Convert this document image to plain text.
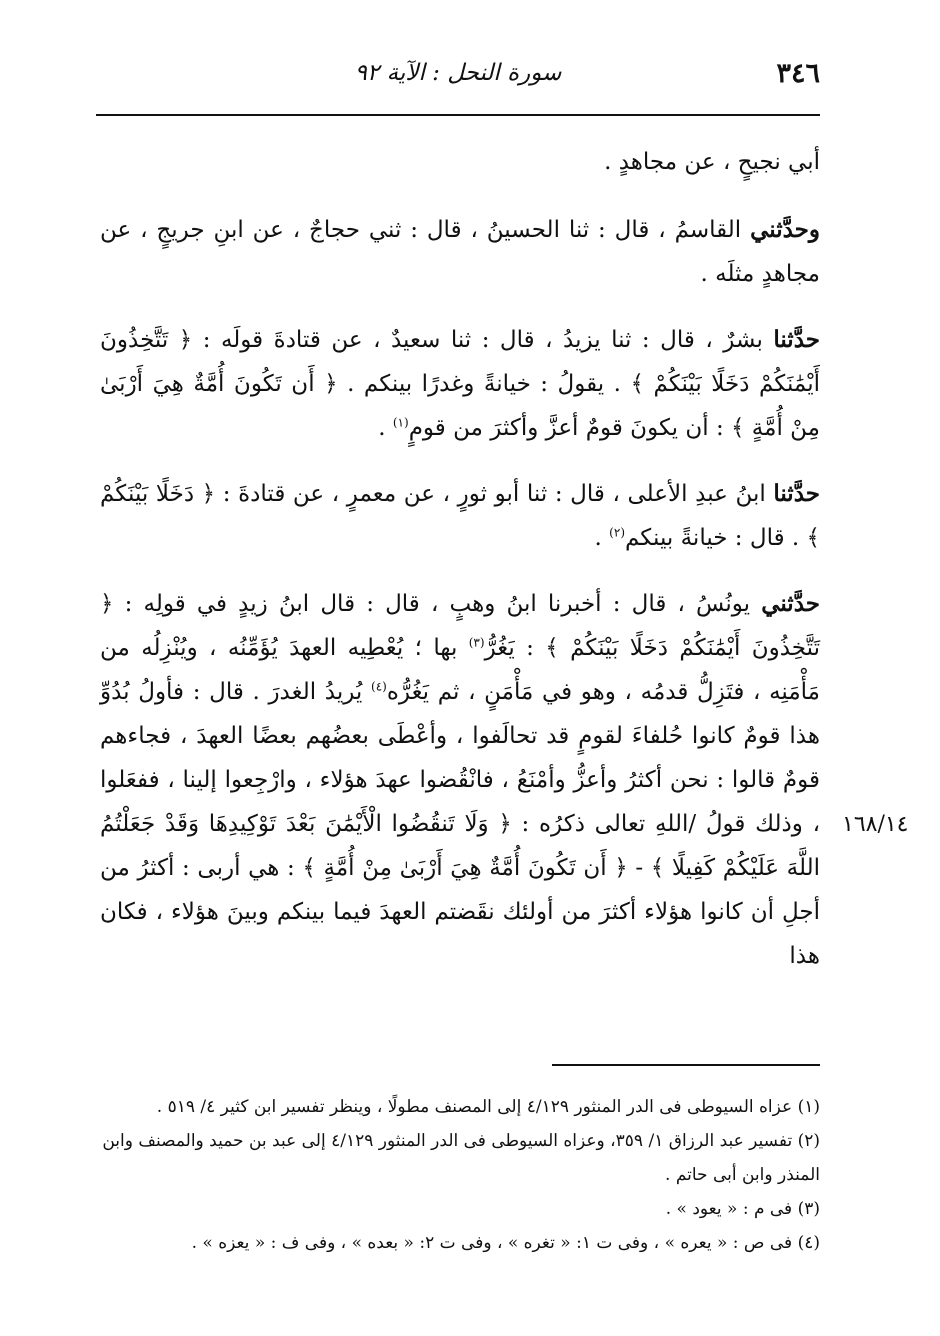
٣٤٦
سورة النحل : الآية ٩٢

أبي نجيحٍ ، عن مجاهدٍ .

وحدَّثني القاسمُ ، قال : ثنا الحسينُ ، قال : ثني حجاجٌ ، عن ابنِ جريجٍ ، عن مجاهدٍ مثلَه .

حدَّثنا بشرٌ ، قال : ثنا يزيدُ ، قال : ثنا سعيدٌ ، عن قتادةَ قولَه : ﴿ تَتَّخِذُونَ أَيْمَٰنَكُمْ دَخَلًا بَيْنَكُمْ ﴾ . يقولُ : خيانةً وغدرًا بينكم . ﴿ أَن تَكُونَ أُمَّةٌ هِيَ أَرْبَىٰ مِنْ أُمَّةٍ ﴾ : أن يكونَ قومٌ أعزَّ وأكثرَ من قومٍ$^{(١)}$ .

حدَّثنا ابنُ عبدِ الأعلى ، قال : ثنا أبو ثورٍ ، عن معمرٍ ، عن قتادةَ : ﴿ دَخَلًا بَيْنَكُمْ ﴾ . قال : خيانةً بينكم$^{(٢)}$ .

حدَّثني يونُسُ ، قال : أخبرنا ابنُ وهبٍ ، قال : قال ابنُ زيدٍ في قولِه : ﴿ تَتَّخِذُونَ أَيْمَٰنَكُمْ دَخَلًا بَيْنَكُمْ ﴾ : يَغُرُّ$^{(٣)}$ بها ؛ يُعْطِيه العهدَ يُؤَمِّنُه ، ويُنْزِلُه من مَأْمَنِه ، فتَزِلُّ قدمُه ، وهو في مَأْمَنٍ ، ثم يَغُرُّه$^{(٤)}$ يُريدُ الغدرَ . قال : فأولُ بُدُوِّ هذا قومٌ كانوا حُلفاءَ لقومٍ قد تحالَفوا ، وأعْطَى بعضُهم بعضًا العهدَ ، فجاءهم قومٌ قالوا : نحن أكثرُ وأعزُّ وأمْنَعُ ، فانْقُضوا عهدَ هؤلاء ، وارْجِعوا إلينا ، ففعَلوا ، وذلك قولُ /اللهِ تعالى ذكرُه : ﴿ وَلَا تَنقُضُوا الْأَيْمَٰنَ بَعْدَ تَوْكِيدِهَا وَقَدْ جَعَلْتُمُ اللَّهَ عَلَيْكُمْ كَفِيلًا ﴾ - ﴿ أَن تَكُونَ أُمَّةٌ هِيَ أَرْبَىٰ مِنْ أُمَّةٍ ﴾ : هي أربى : أكثرُ من أجلِ أن كانوا هؤلاء أكثرَ من أولئك نقَضتم العهدَ فيما بينكم وبينَ هؤلاء ، فكان هذا

١٦٨/١٤

(١) عزاه السيوطى فى الدر المنثور ٤/١٢٩ إلى المصنف مطولًا ، وينظر تفسير ابن كثير ٤/ ٥١٩ .

(٢) تفسير عبد الرزاق ١/ ٣٥٩، وعزاه السيوطى فى الدر المنثور ٤/١٢٩ إلى عبد بن حميد والمصنف وابن المنذر وابن أبى حاتم .

(٣) فى م : « يعود » .

(٤) فى ص : « يعره » ، وفى ت ١: « تغره » ، وفى ت ٢: « بعده » ، وفى ف : « يعزه » .
